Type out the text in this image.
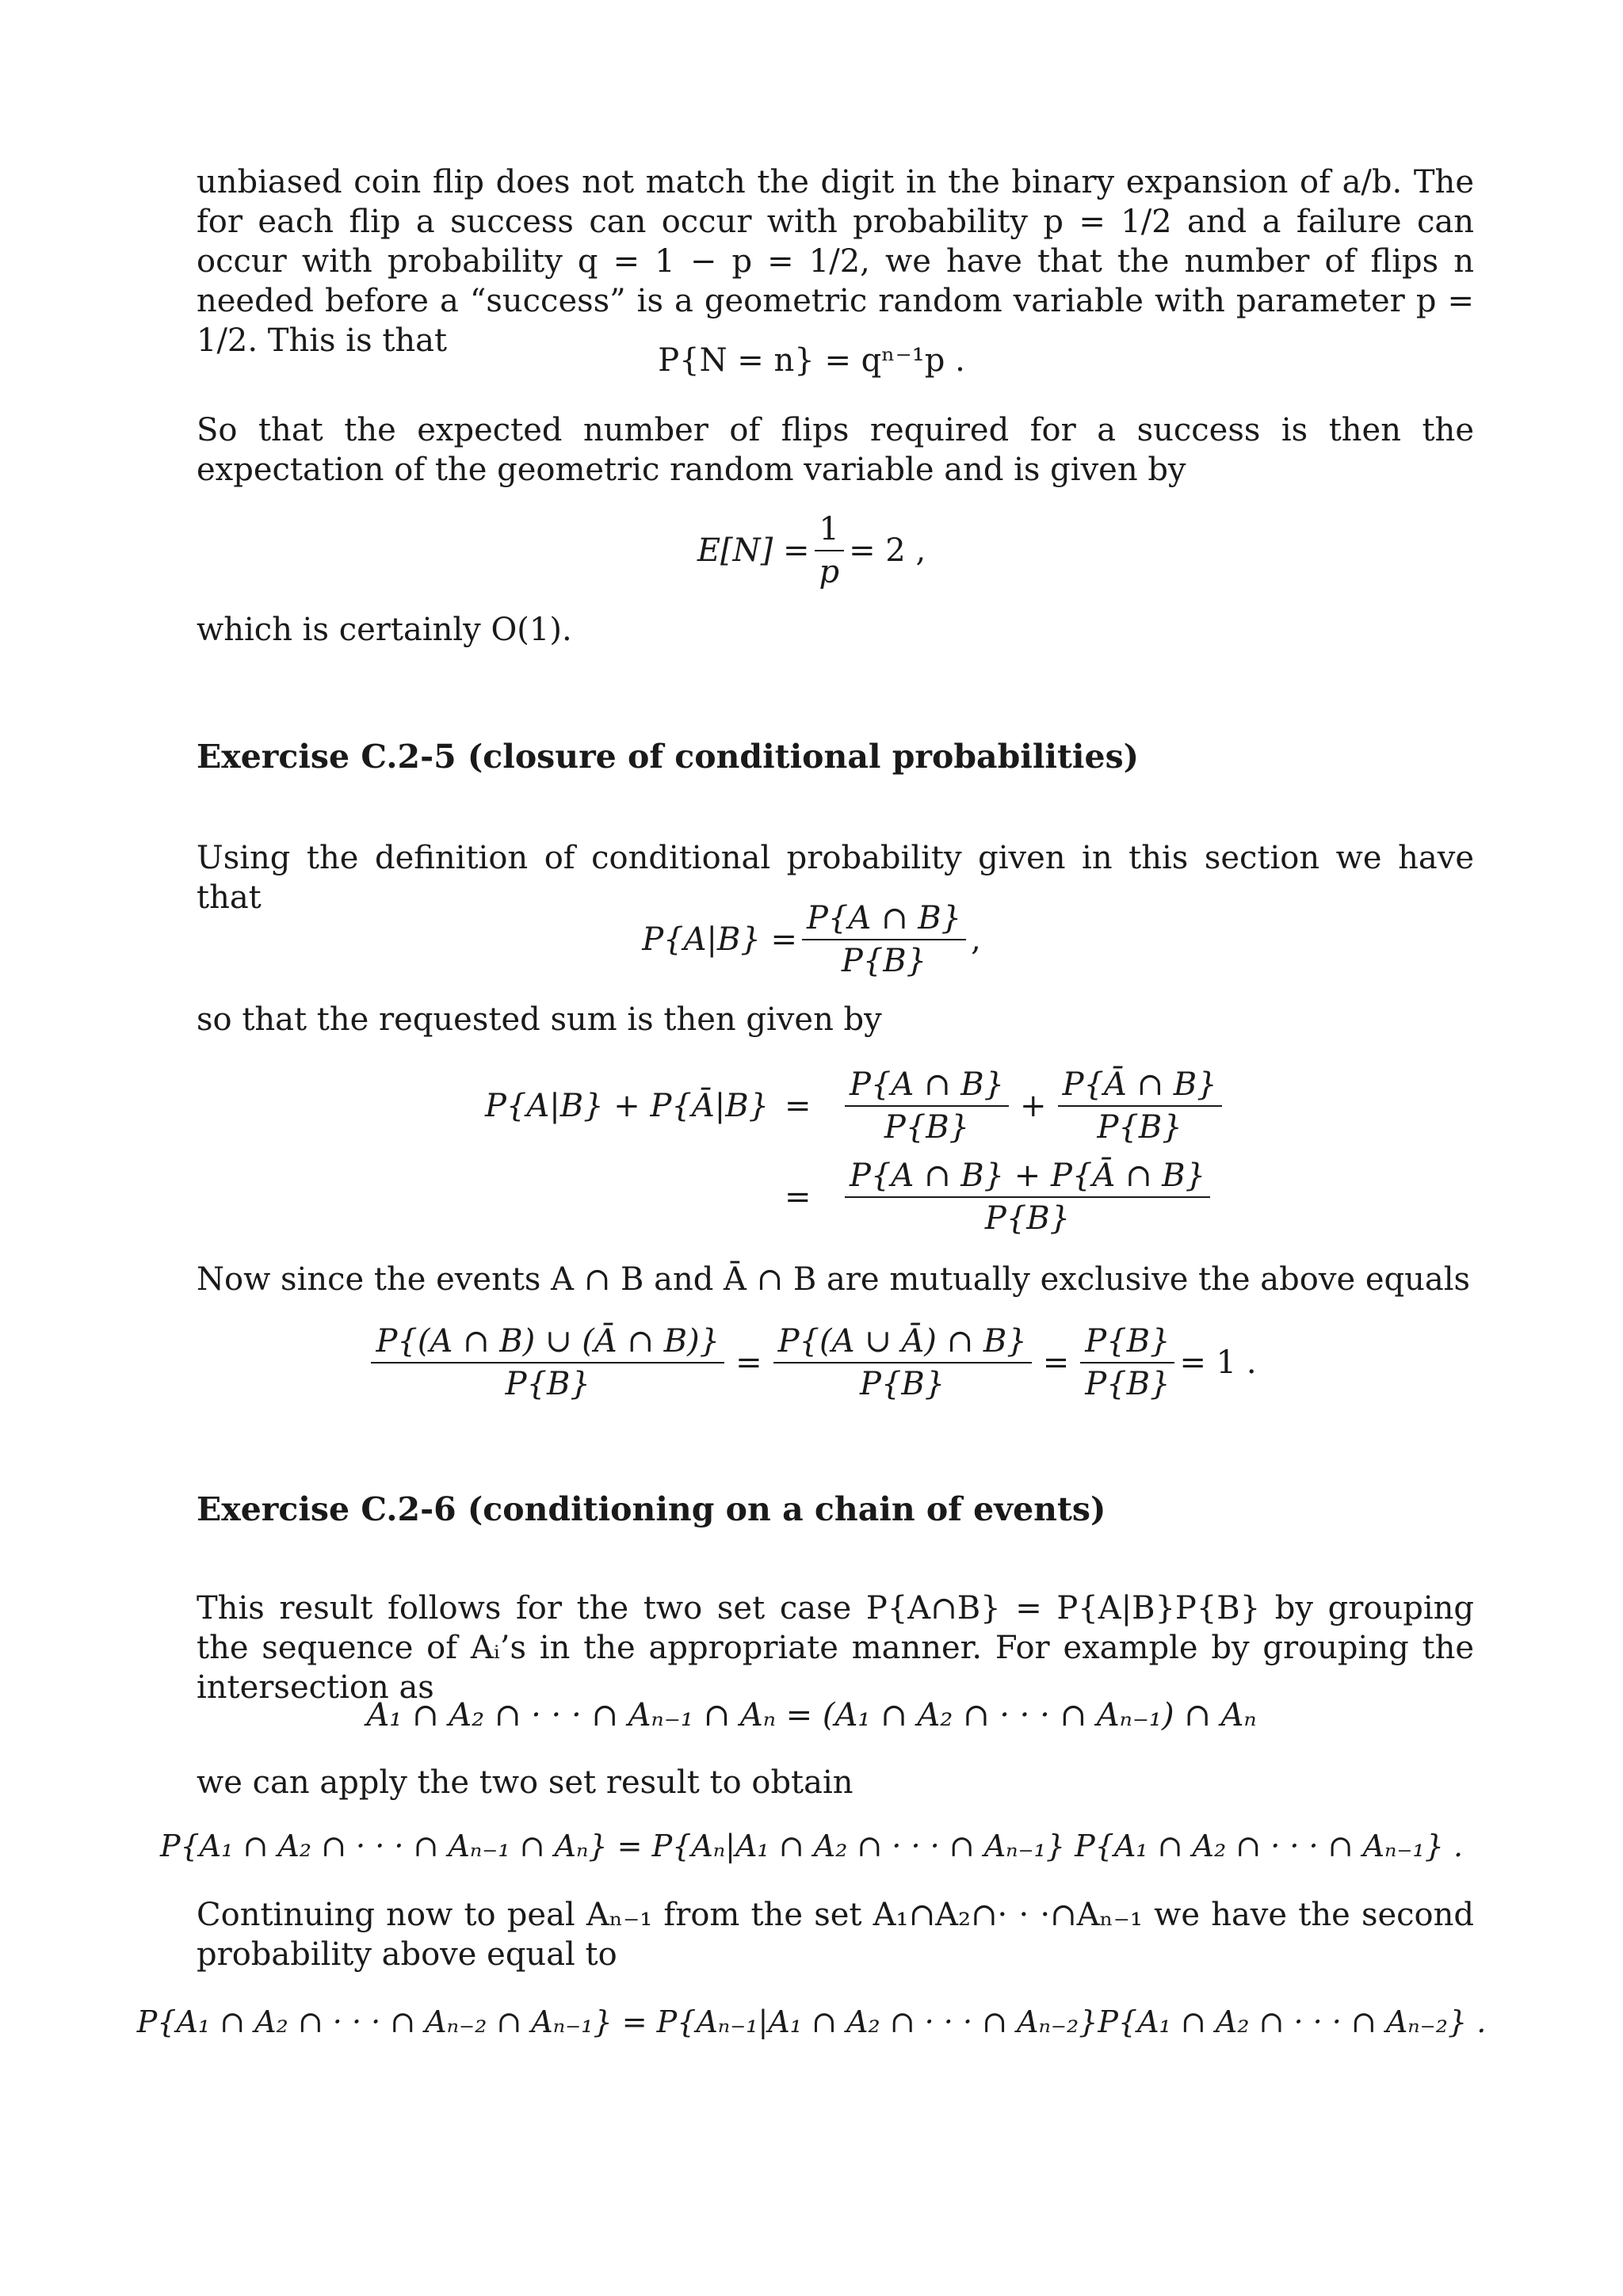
unbiased coin flip does not match the digit in the binary expansion of a/b. The for each flip a success can occur with probability p = 1/2 and a failure can occur with probability q = 1 − p = 1/2, we have that the number of flips n needed before a “success” is a geometric random variable with parameter p = 1/2. This is that
P{N = n} = qⁿ⁻¹p .
So that the expected number of flips required for a success is then the expectation of the geometric random variable and is given by
$E[N] = \frac{1}{p} = 2$ ,
which is certainly O(1).
Exercise C.2-5 (closure of conditional probabilities)
Using the definition of conditional probability given in this section we have that
$P\{A|B\} = \frac{P\{A \cap B\}}{P\{B\}}$ ,
so that the requested sum is then given by
P{A|B} + P{Ā|B} = $\frac{P\{A \cap B\}}{P\{B\}} + \frac{P\{Ā \cap B\}}{P\{B\}}$
= $\frac{P\{A \cap B\} + P\{Ā \cap B\}}{P\{B\}}$
Now since the events A ∩ B and Ā ∩ B are mutually exclusive the above equals
$\frac{P\{(A \cap B) \cup (Ā \cap B)\}}{P\{B\}} = \frac{P\{(A \cup Ā) \cap B\}}{P\{B\}} = \frac{P\{B\}}{P\{B\}} = 1$ .
Exercise C.2-6 (conditioning on a chain of events)
This result follows for the two set case P{A∩B} = P{A|B}P{B} by grouping the sequence of Aᵢ’s in the appropriate manner. For example by grouping the intersection as
A₁ ∩ A₂ ∩ · · · ∩ Aₙ₋₁ ∩ Aₙ = (A₁ ∩ A₂ ∩ · · · ∩ Aₙ₋₁) ∩ Aₙ
we can apply the two set result to obtain
P{A₁ ∩ A₂ ∩ · · · ∩ Aₙ₋₁ ∩ Aₙ} = P{Aₙ|A₁ ∩ A₂ ∩ · · · ∩ Aₙ₋₁} P{A₁ ∩ A₂ ∩ · · · ∩ Aₙ₋₁} .
Continuing now to peal Aₙ₋₁ from the set A₁∩A₂∩· · ·∩Aₙ₋₁ we have the second probability above equal to
P{A₁ ∩ A₂ ∩ · · · ∩ Aₙ₋₂ ∩ Aₙ₋₁} = P{Aₙ₋₁|A₁ ∩ A₂ ∩ · · · ∩ Aₙ₋₂}P{A₁ ∩ A₂ ∩ · · · ∩ Aₙ₋₂} .
